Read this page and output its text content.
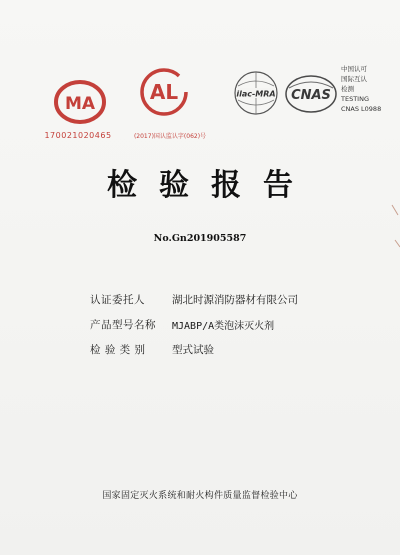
MA
170021020465
AL
(2017)国认监认字(062)号
ilac-MRA CNAS
中国认可
国际互认
检测
TESTING
CNAS L0988
检验报告
No.Gn201905587
认证委托人	湖北时源消防器材有限公司
产品型号名称	MJABP/A类泡沫灭火剂
检 验 类 别	型式试验
国家固定灭火系统和耐火构件质量监督检验中心
